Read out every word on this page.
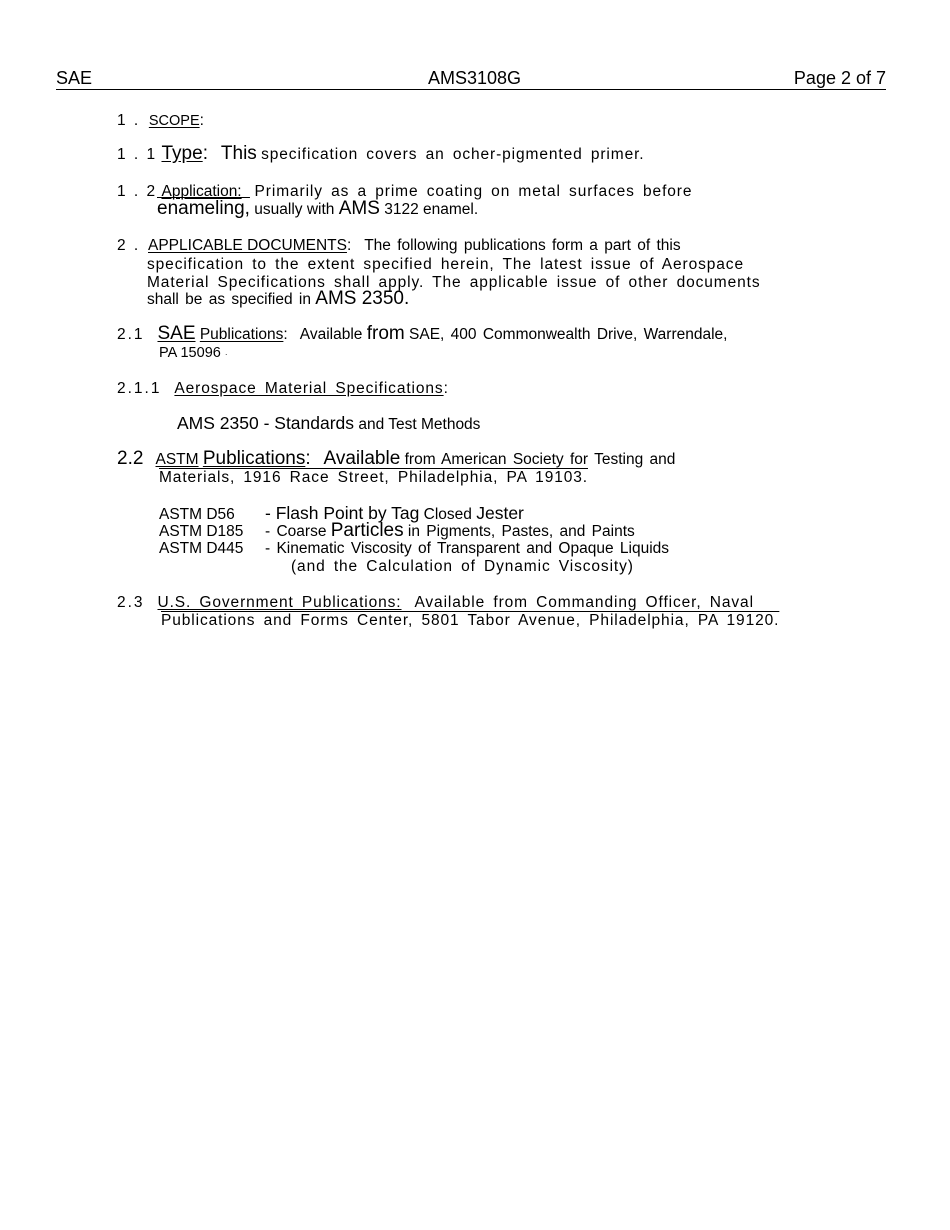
SAE	AMS3108G	Page 2 of 7
1 . SCOPE:
1 . 1 Type: This specification covers an ocher-pigmented primer.
1 . 2 Application: Primarily as a prime coating on metal surfaces before
enameling, usually with AMS 3122 enamel.
2 . APPLICABLE DOCUMENTS: The following publications form a part of this
specification to the extent specified herein, The latest issue of Aerospace
Material Specifications shall apply. The applicable issue of other documents
shall be as specified in AMS 2350.
2.1 SAE Publications: Available from SAE, 400 Commonwealth Drive, Warrendale,
PA 15096 ·
2.1.1 Aerospace Material Specifications:
AMS 2350 - Standards and Test Methods
2.2 ASTM Publications: Available from American Society for Testing and
Materials, 1916 Race Street, Philadelphia, PA 19103.
ASTM D56 - Flash Point by Tag Closed Jester
ASTM D185 - Coarse Particles in Pigments, Pastes, and Paints
ASTM D445 - Kinematic Viscosity of Transparent and Opaque Liquids
(and the Calculation of Dynamic Viscosity)
2.3 U.S. Government Publications: Available from Commanding Officer, Naval
Publications and Forms Center, 5801 Tabor Avenue, Philadelphia, PA 19120.
